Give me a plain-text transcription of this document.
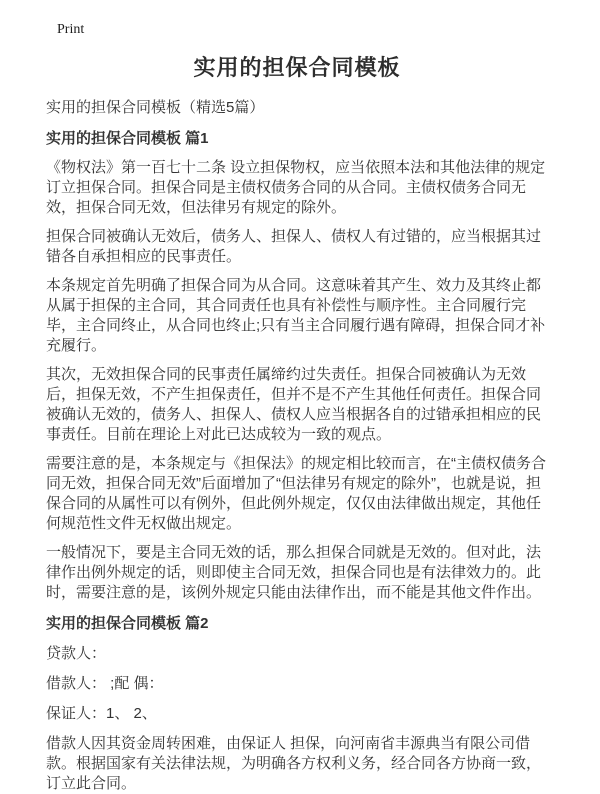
Print
实用的担保合同模板
实用的担保合同模板（精选5篇）
实用的担保合同模板 篇1

《物权法》第一百七十二条 设立担保物权，应当依照本法和其他法律的规定订立担保合同。担保合同是主债权债务合同的从合同。主债权债务合同无效，担保合同无效，但法律另有规定的除外。

担保合同被确认无效后，债务人、担保人、债权人有过错的，应当根据其过错各自承担相应的民事责任。

本条规定首先明确了担保合同为从合同。这意味着其产生、效力及其终止都从属于担保的主合同，其合同责任也具有补偿性与顺序性。主合同履行完毕，主合同终止，从合同也终止;只有当主合同履行遇有障碍，担保合同才补充履行。

其次，无效担保合同的民事责任属缔约过失责任。担保合同被确认为无效后，担保无效，不产生担保责任，但并不是不产生其他任何责任。担保合同被确认无效的，债务人、担保人、债权人应当根据各自的过错承担相应的民事责任。目前在理论上对此已达成较为一致的观点。

需要注意的是，本条规定与《担保法》的规定相比较而言，在“主债权债务合同无效，担保合同无效”后面增加了“但法律另有规定的除外”，也就是说，担保合同的从属性可以有例外，但此例外规定，仅仅由法律做出规定，其他任何规范性文件无权做出规定。

一般情况下，要是主合同无效的话，那么担保合同就是无效的。但对此，法律作出例外规定的话，则即使主合同无效，担保合同也是有法律效力的。此时，需要注意的是，该例外规定只能由法律作出，而不能是其他文件作出。

实用的担保合同模板 篇2

贷款人：

借款人： ;配 偶：

保证人：1、 2、

借款人因其资金周转困难，由保证人 担保，向河南省丰源典当有限公司借款。根据国家有关法律法规，为明确各方权利义务，经合同各方协商一致，订立此合同。
